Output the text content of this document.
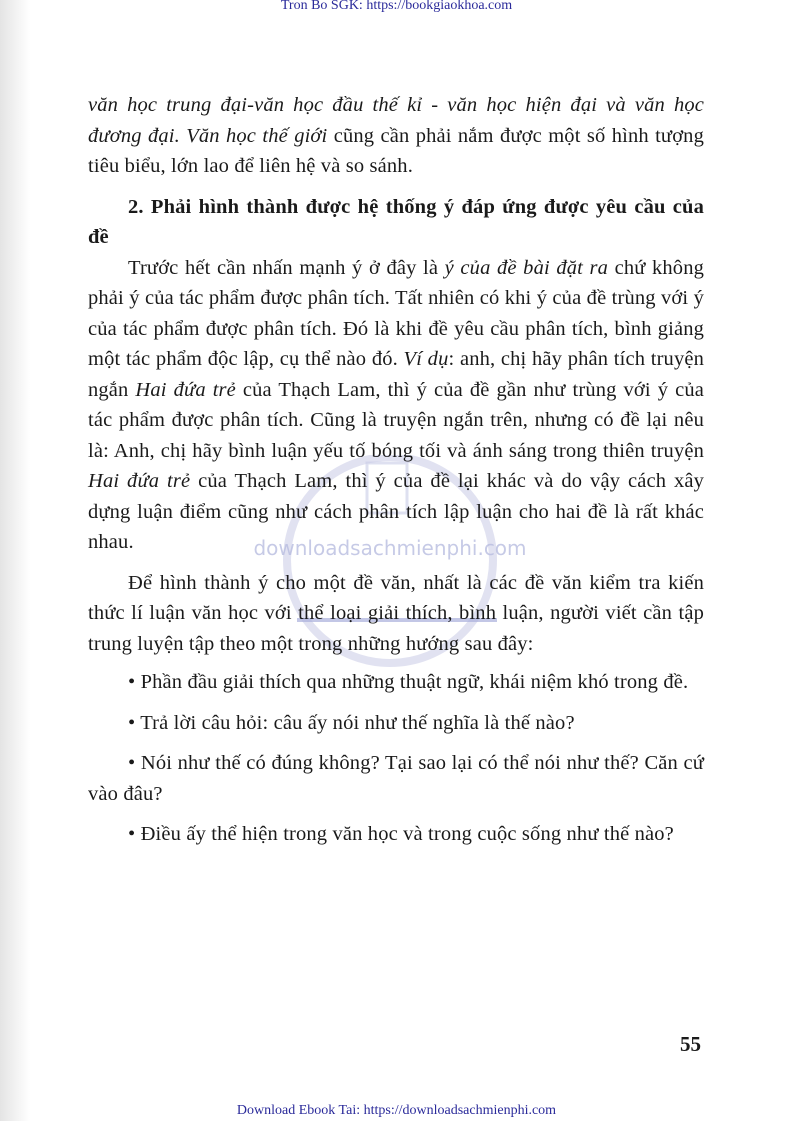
Tron Bo SGK: https://bookgiaokhoa.com
downloadsachmienphi.com

văn học trung đại-văn học đầu thế kỉ - văn học hiện đại và văn học đương đại. Văn học thế giới cũng cần phải nắm được một số hình tượng tiêu biểu, lớn lao để liên hệ và so sánh.

2. Phải hình thành được hệ thống ý đáp ứng được yêu cầu của đề

Trước hết cần nhấn mạnh ý ở đây là ý của đề bài đặt ra chứ không phải ý của tác phẩm được phân tích. Tất nhiên có khi ý của đề trùng với ý của tác phẩm được phân tích. Đó là khi đề yêu cầu phân tích, bình giảng một tác phẩm độc lập, cụ thể nào đó. Ví dụ: anh, chị hãy phân tích truyện ngắn Hai đứa trẻ của Thạch Lam, thì ý của đề gần như trùng với ý của tác phẩm được phân tích. Cũng là truyện ngắn trên, nhưng có đề lại nêu là: Anh, chị hãy bình luận yếu tố bóng tối và ánh sáng trong thiên truyện Hai đứa trẻ của Thạch Lam, thì ý của đề lại khác và do vậy cách xây dựng luận điểm cũng như cách phân tích lập luận cho hai đề là rất khác nhau.

Để hình thành ý cho một đề văn, nhất là các đề văn kiểm tra kiến thức lí luận văn học với thể loại giải thích, bình luận, người viết cần tập trung luyện tập theo một trong những hướng sau đây:

• Phần đầu giải thích qua những thuật ngữ, khái niệm khó trong đề.

• Trả lời câu hỏi: câu ấy nói như thế nghĩa là thế nào?

• Nói như thế có đúng không? Tại sao lại có thể nói như thế? Căn cứ vào đâu?

• Điều ấy thể hiện trong văn học và trong cuộc sống như thế nào?

55
Download Ebook Tai: https://downloadsachmienphi.com
